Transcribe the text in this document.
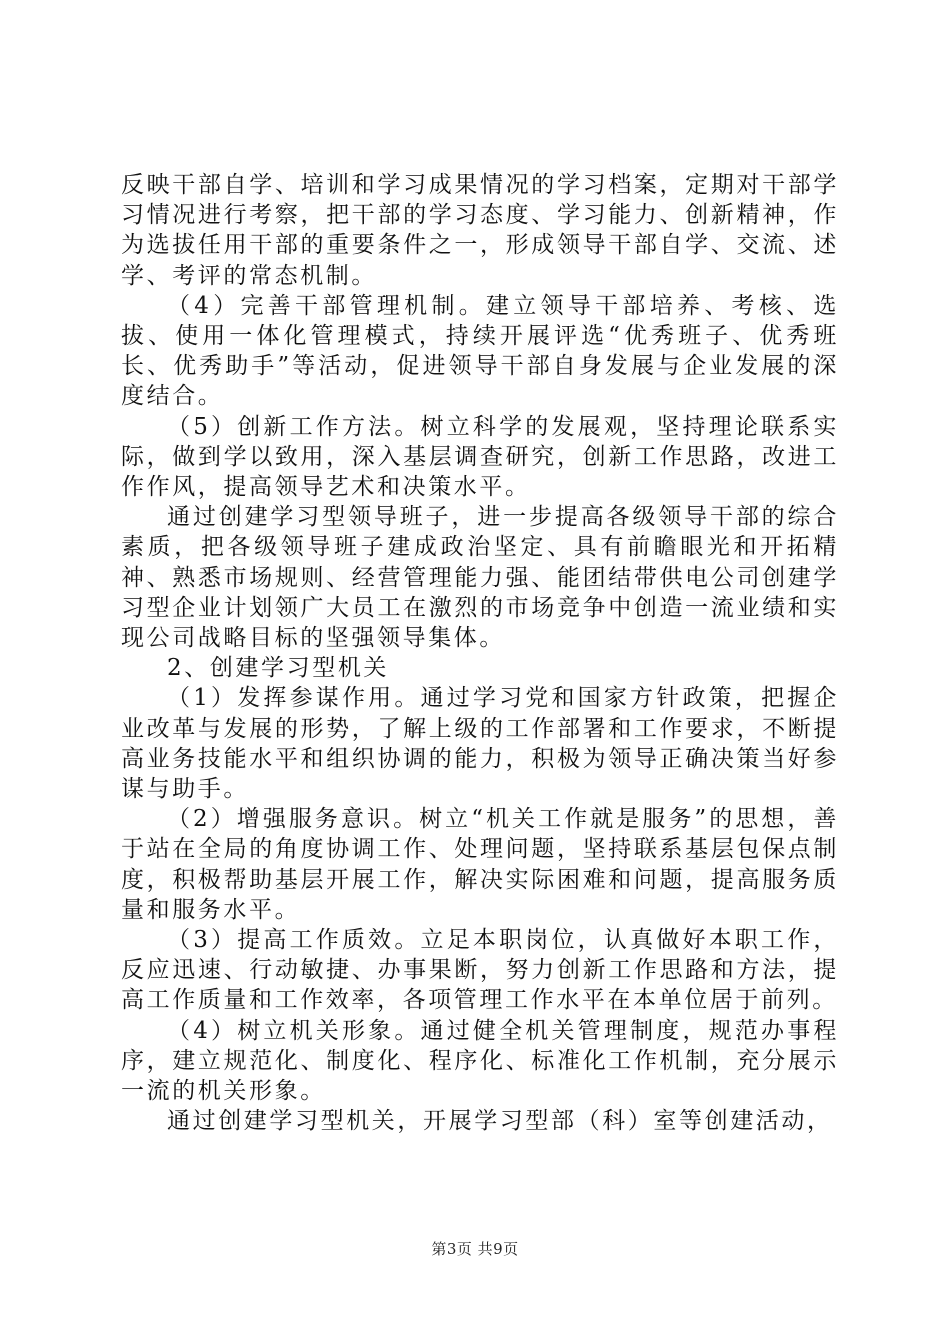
反映干部自学、培训和学习成果情况的学习档案，定期对干部学习情况进行考察，把干部的学习态度、学习能力、创新精神，作为选拔任用干部的重要条件之一，形成领导干部自学、交流、述学、考评的常态机制。

（4）完善干部管理机制。建立领导干部培养、考核、选拔、使用一体化管理模式，持续开展评选“优秀班子、优秀班长、优秀助手”等活动，促进领导干部自身发展与企业发展的深度结合。

（5）创新工作方法。树立科学的发展观，坚持理论联系实际，做到学以致用，深入基层调查研究，创新工作思路，改进工作作风，提高领导艺术和决策水平。

通过创建学习型领导班子，进一步提高各级领导干部的综合素质，把各级领导班子建成政治坚定、具有前瞻眼光和开拓精神、熟悉市场规则、经营管理能力强、能团结带供电公司创建学习型企业计划领广大员工在激烈的市场竞争中创造一流业绩和实现公司战略目标的坚强领导集体。

2、创建学习型机关

（1）发挥参谋作用。通过学习党和国家方针政策，把握企业改革与发展的形势，了解上级的工作部署和工作要求，不断提高业务技能水平和组织协调的能力，积极为领导正确决策当好参谋与助手。

（2）增强服务意识。树立“机关工作就是服务”的思想，善于站在全局的角度协调工作、处理问题，坚持联系基层包保点制度，积极帮助基层开展工作，解决实际困难和问题，提高服务质量和服务水平。

（3）提高工作质效。立足本职岗位，认真做好本职工作，反应迅速、行动敏捷、办事果断，努力创新工作思路和方法，提高工作质量和工作效率，各项管理工作水平在本单位居于前列。

（4）树立机关形象。通过健全机关管理制度，规范办事程序，建立规范化、制度化、程序化、标准化工作机制，充分展示一流的机关形象。

通过创建学习型机关，开展学习型部（科）室等创建活动，

第3页 共9页
